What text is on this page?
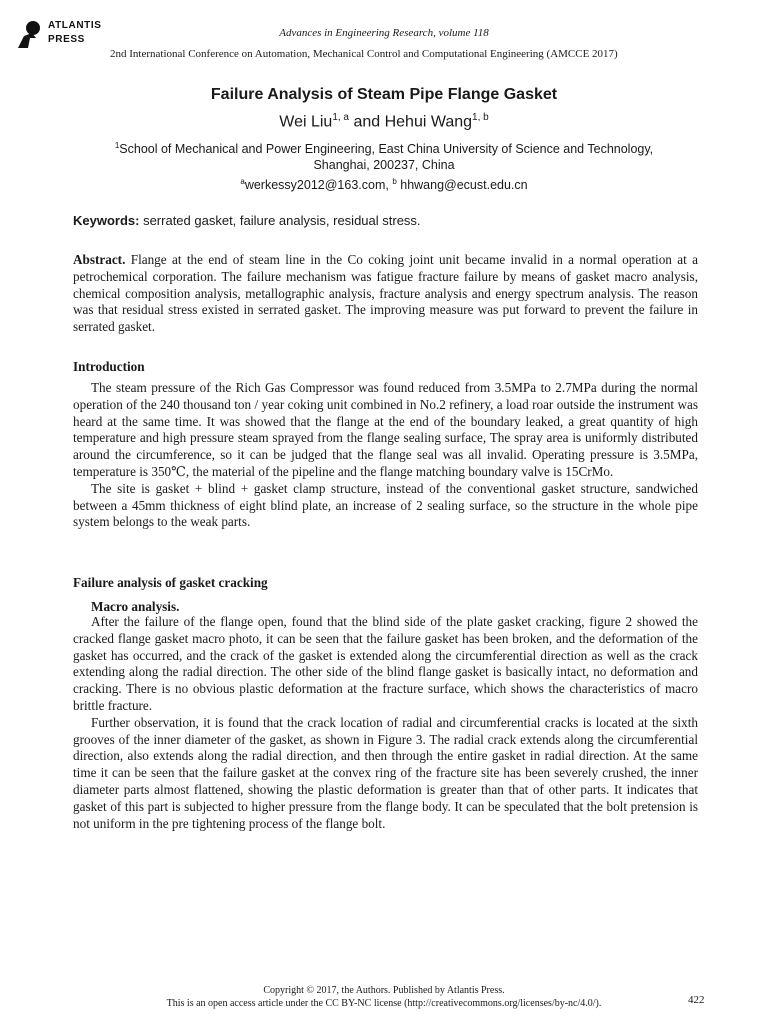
ATLANTIS
PRESS
Advances in Engineering Research, volume 118
2nd International Conference on Automation, Mechanical Control and Computational Engineering (AMCCE 2017)
Failure Analysis of Steam Pipe Flange Gasket
Wei Liu$^{1, a}$ and Hehui Wang$^{1, b}$
$^1$School of Mechanical and Power Engineering, East China University of Science and Technology,
Shanghai, 200237, China
$^a$werkessy2012@163.com, $^b$ hhwang@ecust.edu.cn
Keywords: serrated gasket, failure analysis, residual stress.
Abstract. Flange at the end of steam line in the Co coking joint unit became invalid in a normal operation at a petrochemical corporation. The failure mechanism was fatigue fracture failure by means of gasket macro analysis, chemical composition analysis, metallographic analysis, fracture analysis and energy spectrum analysis. The reason was that residual stress existed in serrated gasket. The improving measure was put forward to prevent the failure in serrated gasket.
Introduction

The steam pressure of the Rich Gas Compressor was found reduced from 3.5MPa to 2.7MPa during the normal operation of the 240 thousand ton / year coking unit combined in No.2 refinery, a load roar outside the instrument was heard at the same time. It was showed that the flange at the end of the boundary leaked, a great quantity of high temperature and high pressure steam sprayed from the flange sealing surface, The spray area is uniformly distributed around the circumference, so it can be judged that the flange seal was all invalid. Operating pressure is 3.5MPa, temperature is 350℃, the material of the pipeline and the flange matching boundary valve is 15CrMo.

The site is gasket + blind + gasket clamp structure, instead of the conventional gasket structure, sandwiched between a 45mm thickness of eight blind plate, an increase of 2 sealing surface, so the structure in the whole pipe system belongs to the weak parts.

Failure analysis of gasket cracking
Macro analysis.

After the failure of the flange open, found that the blind side of the plate gasket cracking, figure 2 showed the cracked flange gasket macro photo, it can be seen that the failure gasket has been broken, and the deformation of the gasket has occurred, and the crack of the gasket is extended along the circumferential direction as well as the crack extending along the radial direction. The other side of the blind flange gasket is basically intact, no deformation and cracking. There is no obvious plastic deformation at the fracture surface, which shows the characteristics of macro brittle fracture.

Further observation, it is found that the crack location of radial and circumferential cracks is located at the sixth grooves of the inner diameter of the gasket, as shown in Figure 3. The radial crack extends along the circumferential direction, also extends along the radial direction, and then through the entire gasket in radial direction. At the same time it can be seen that the failure gasket at the convex ring of the fracture site has been severely crushed, the inner diameter parts almost flattened, showing the plastic deformation is greater than that of other parts. It indicates that gasket of this part is subjected to higher pressure from the flange body. It can be speculated that the bolt pretension is not uniform in the pre tightening process of the flange bolt.

Copyright © 2017, the Authors. Published by Atlantis Press.
This is an open access article under the CC BY-NC license (http://creativecommons.org/licenses/by-nc/4.0/).	422
